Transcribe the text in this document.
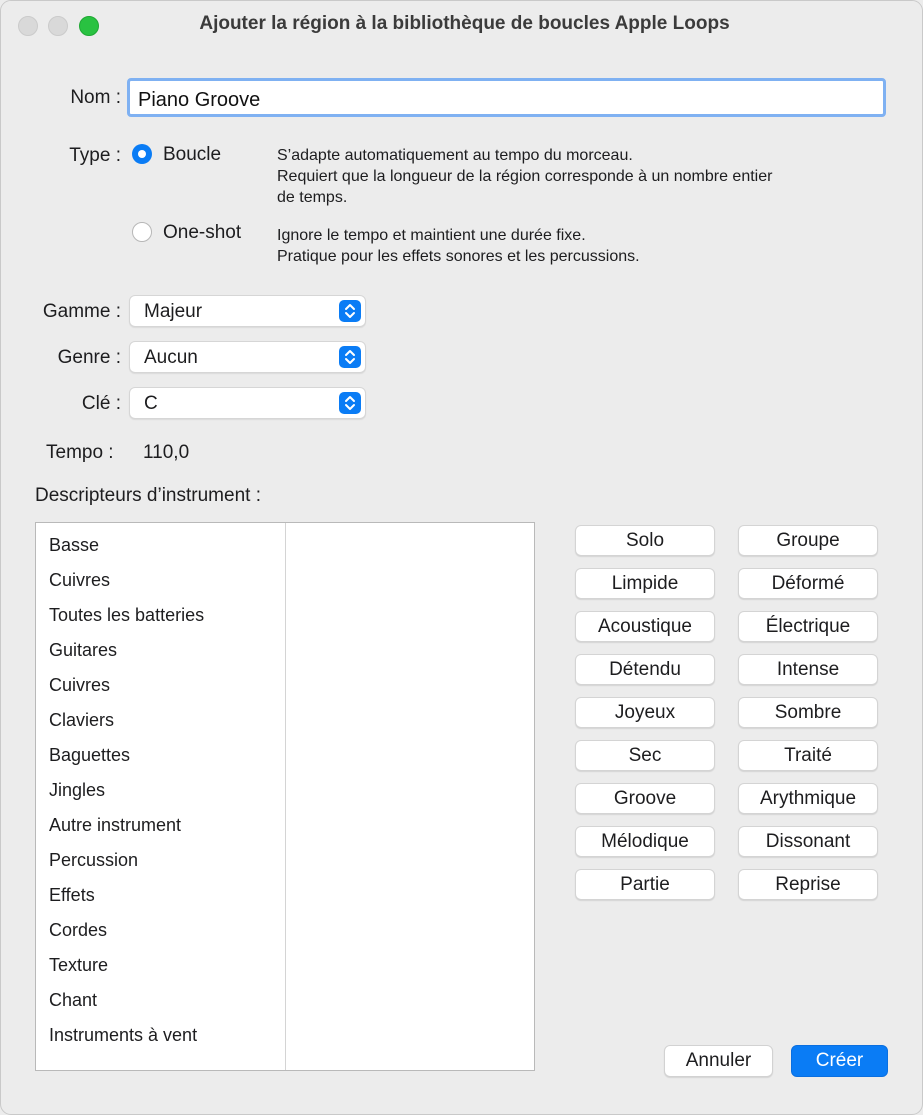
Ajouter la région à la bibliothèque de boucles Apple Loops
Nom :
Piano Groove
Type : Boucle	S’adapte automatiquement au tempo du morceau.
Requiert que la longueur de la région corresponde à un nombre entier
de temps.
One-shot Ignore le tempo et maintient une durée fixe.
Pratique pour les effets sonores et les percussions.
Gamme : Majeur
Genre : Aucun
Clé : C
Tempo : 110,0
Descripteurs d’instrument :
Basse
Cuivres
Toutes les batteries
Guitares
Cuivres
Claviers
Baguettes
Jingles
Autre instrument
Percussion
Effets
Cordes
Texture
Chant
Instruments à vent
Solo	Groupe
Limpide	Déformé
Acoustique	Électrique
Détendu	Intense
Joyeux	Sombre
Sec	Traité
Groove	Arythmique
Mélodique	Dissonant
Partie	Reprise
Annuler	Créer
